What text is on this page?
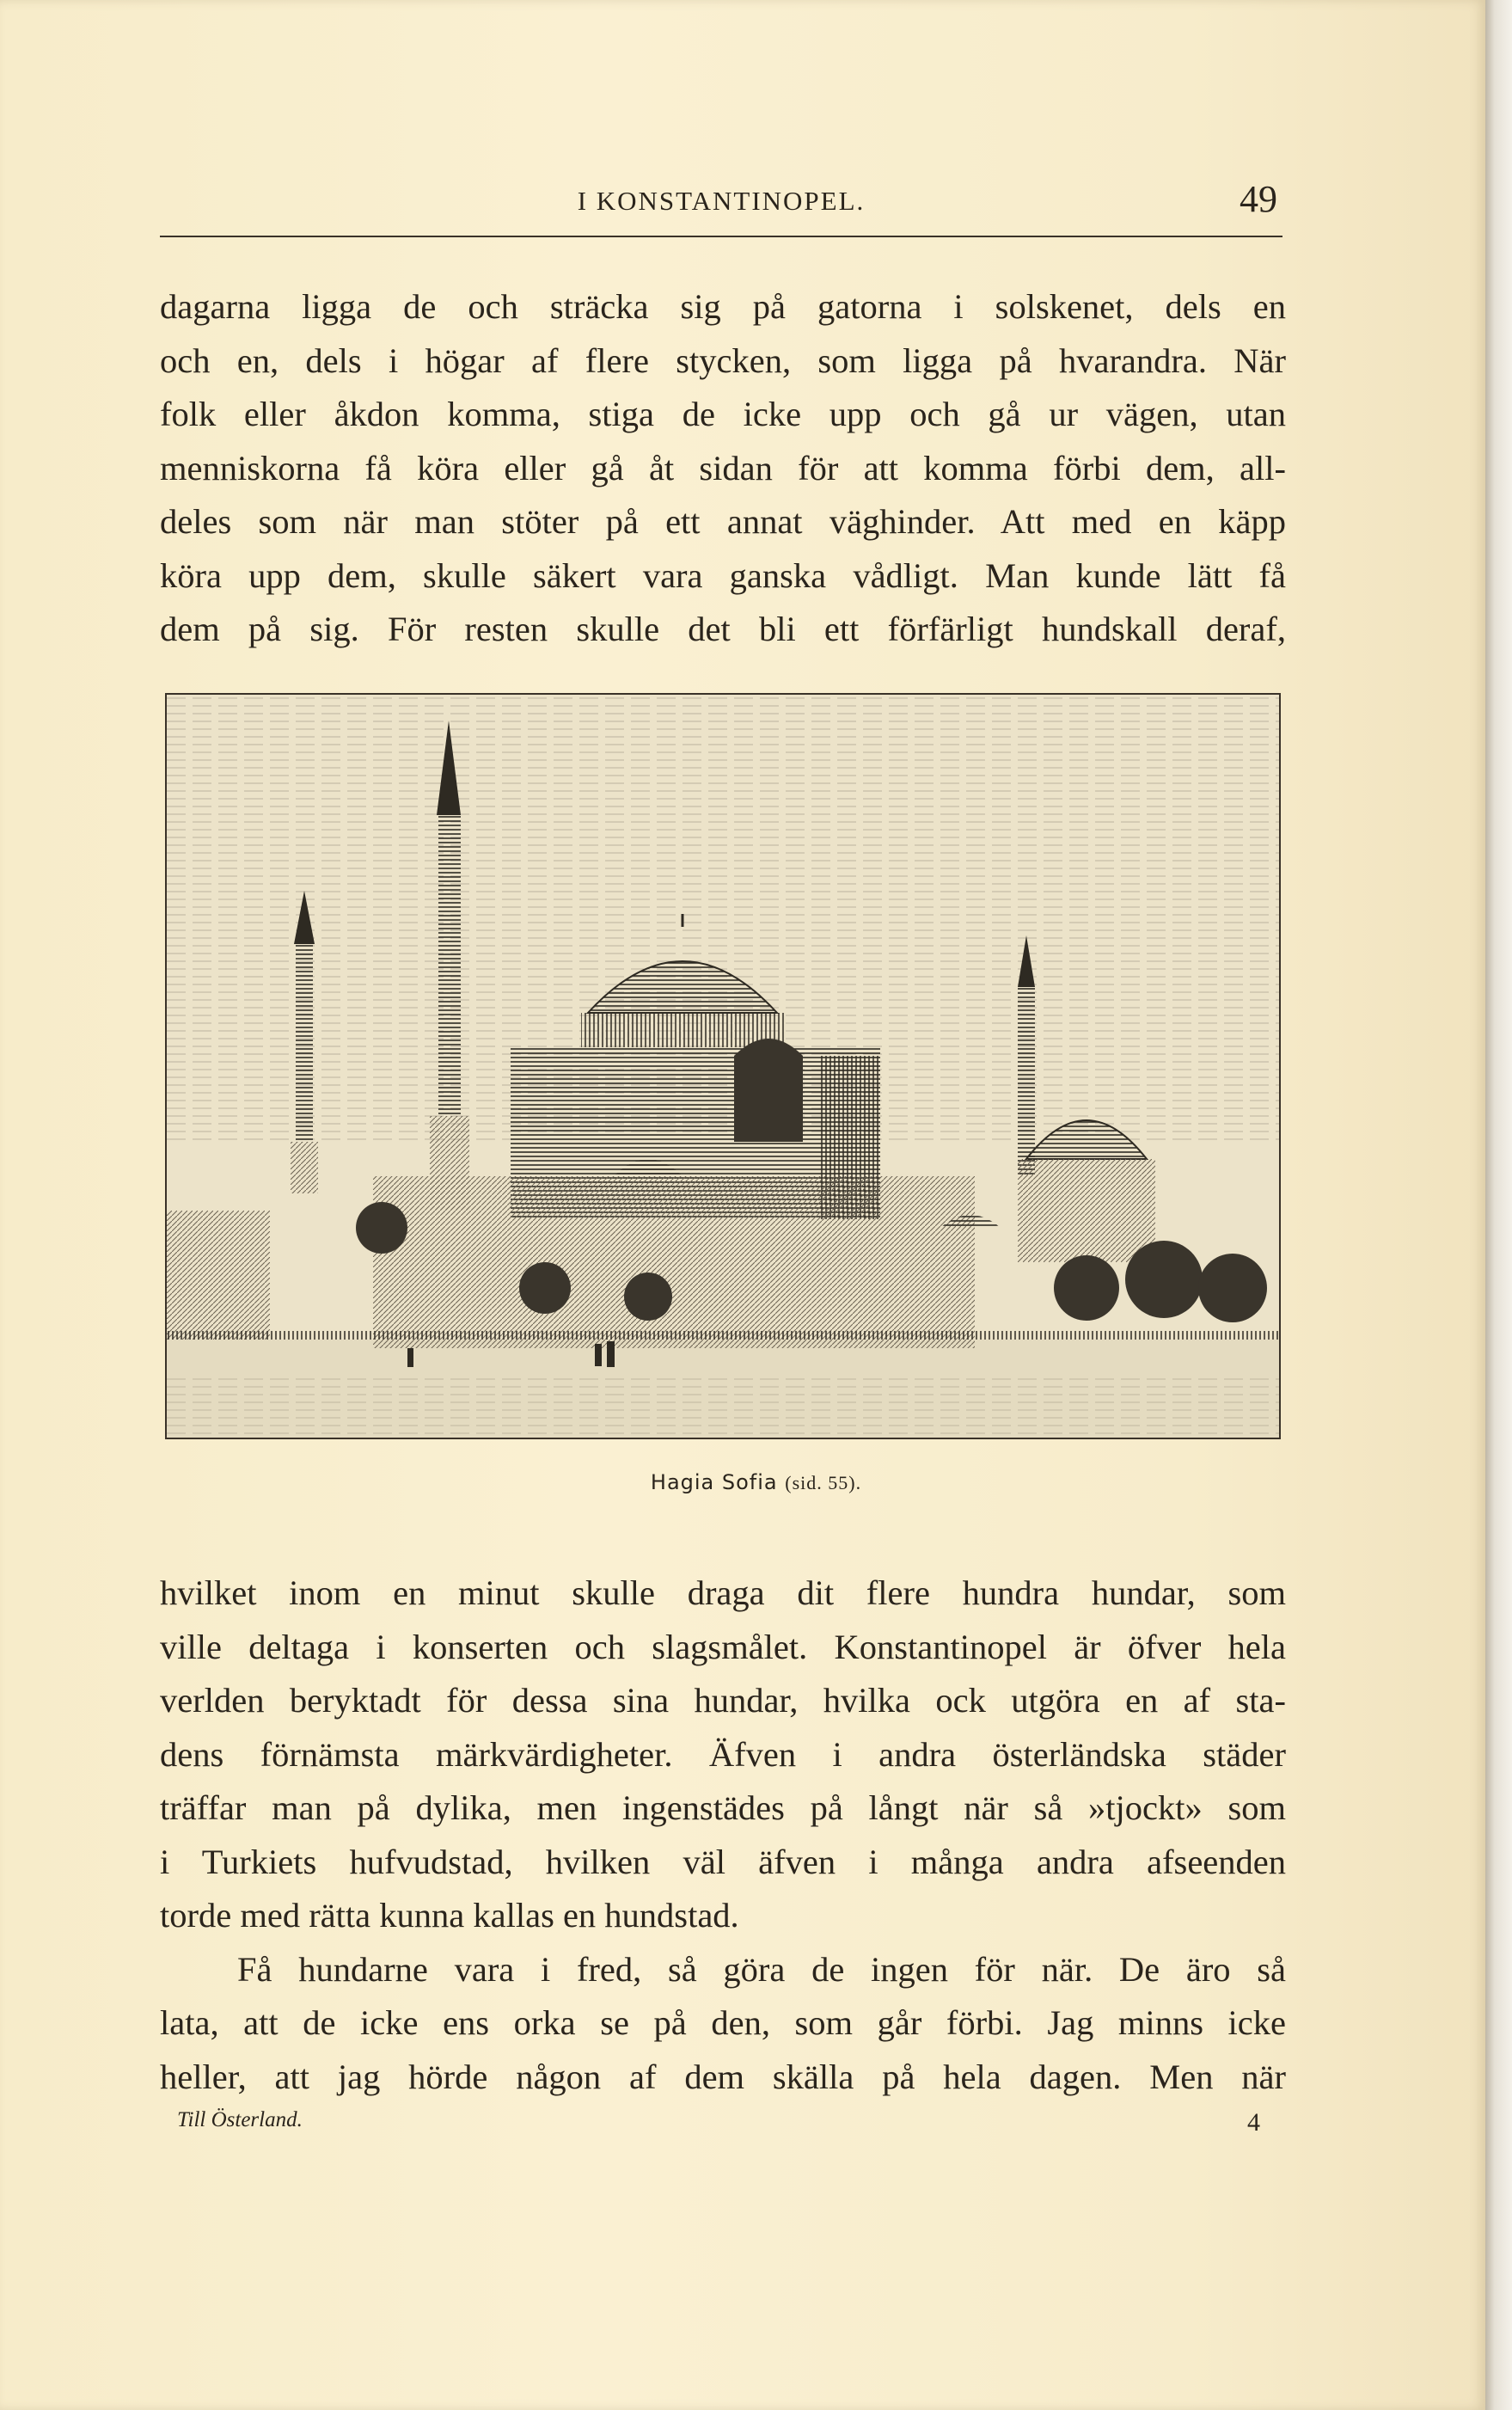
I KONSTANTINOPEL.	49

dagarna ligga de och sträcka sig på gatorna i solskenet, dels en
och en, dels i högar af flere stycken, som ligga på hvarandra. När
folk eller åkdon komma, stiga de icke upp och gå ur vägen, utan
menniskorna få köra eller gå åt sidan för att komma förbi dem, all-
deles som när man stöter på ett annat väghinder. Att med en käpp
köra upp dem, skulle säkert vara ganska vådligt. Man kunde lätt få
dem på sig. För resten skulle det bli ett förfärligt hundskall deraf,

Hagia Sofia (sid. 55).

hvilket inom en minut skulle draga dit flere hundra hundar, som
ville deltaga i konserten och slagsmålet. Konstantinopel är öfver hela
verlden beryktadt för dessa sina hundar, hvilka ock utgöra en af sta-
dens förnämsta märkvärdigheter. Äfven i andra österländska städer
träffar man på dylika, men ingenstädes på långt när så »tjockt» som
i Turkiets hufvudstad, hvilken väl äfven i många andra afseenden
torde med rätta kunna kallas en hundstad.

Få hundarne vara i fred, så göra de ingen för när. De äro så
lata, att de icke ens orka se på den, som går förbi. Jag minns icke
heller, att jag hörde någon af dem skälla på hela dagen. Men när

Till Österland.	4
